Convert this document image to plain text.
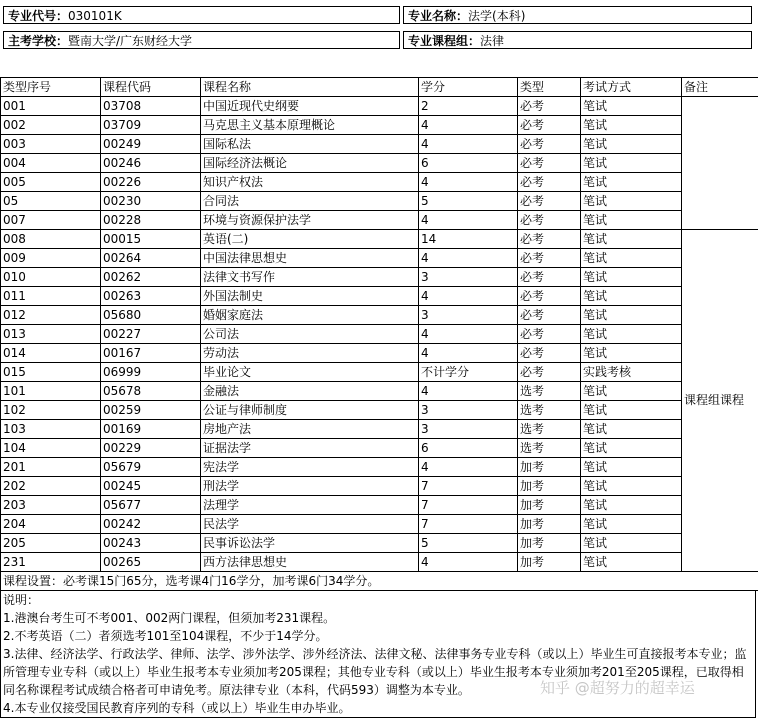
专业代号：030101K	专业名称：法学(本科)
主考学校：暨南大学/广东财经大学	专业课程组：法律
类型序号	课程代码	课程名称	学分	类型	考试方式	备注
001	03708	中国近现代史纲要	2	必考	笔试	
002	03709	马克思主义基本原理概论	4	必考	笔试	
003	00249	国际私法	4	必考	笔试	
004	00246	国际经济法概论	6	必考	笔试	
005	00226	知识产权法	4	必考	笔试	
05	00230	合同法	5	必考	笔试	
007	00228	环境与资源保护法学	4	必考	笔试	
008	00015	英语(二)	14	必考	笔试	课程组课程
009	00264	中国法律思想史	4	必考	笔试	
010	00262	法律文书写作	3	必考	笔试	
011	00263	外国法制史	4	必考	笔试	
012	05680	婚姻家庭法	3	必考	笔试	
013	00227	公司法	4	必考	笔试	
014	00167	劳动法	4	必考	笔试	
015	06999	毕业论文	不计学分	必考	实践考核	
101	05678	金融法	4	选考	笔试	
102	00259	公证与律师制度	3	选考	笔试	
103	00169	房地产法	3	选考	笔试	
104	00229	证据法学	6	选考	笔试	
201	05679	宪法学	4	加考	笔试	
202	00245	刑法学	7	加考	笔试	
203	05677	法理学	7	加考	笔试	
204	00242	民法学	7	加考	笔试	
205	00243	民事诉讼法学	5	加考	笔试	
231	00265	西方法律思想史	4	加考	笔试	
课程设置：必考课15门65分，选考课4门16学分，加考课6门34学分。						
说明：
1.港澳台考生可不考001、002两门课程，但须加考231课程。
2.不考英语（二）者须选考101至104课程，不少于14学分。
3.法律、经济法学、行政法学、律师、法学、涉外法学、涉外经济法、法律文秘、法律事务专业专科（或以上）毕业生可直接报考本专业；监所管理专业专科（或以上）毕业生报考本专业须加考205课程；其他专业专科（或以上）毕业生报考本专业须加考201至205课程，已取得相同名称课程考试成绩合格者可申请免考。原法律专业（本科，代码593）调整为本专业。
4.本专业仅接受国民教育序列的专科（或以上）毕业生申办毕业。
知乎 @超努力的超幸运
